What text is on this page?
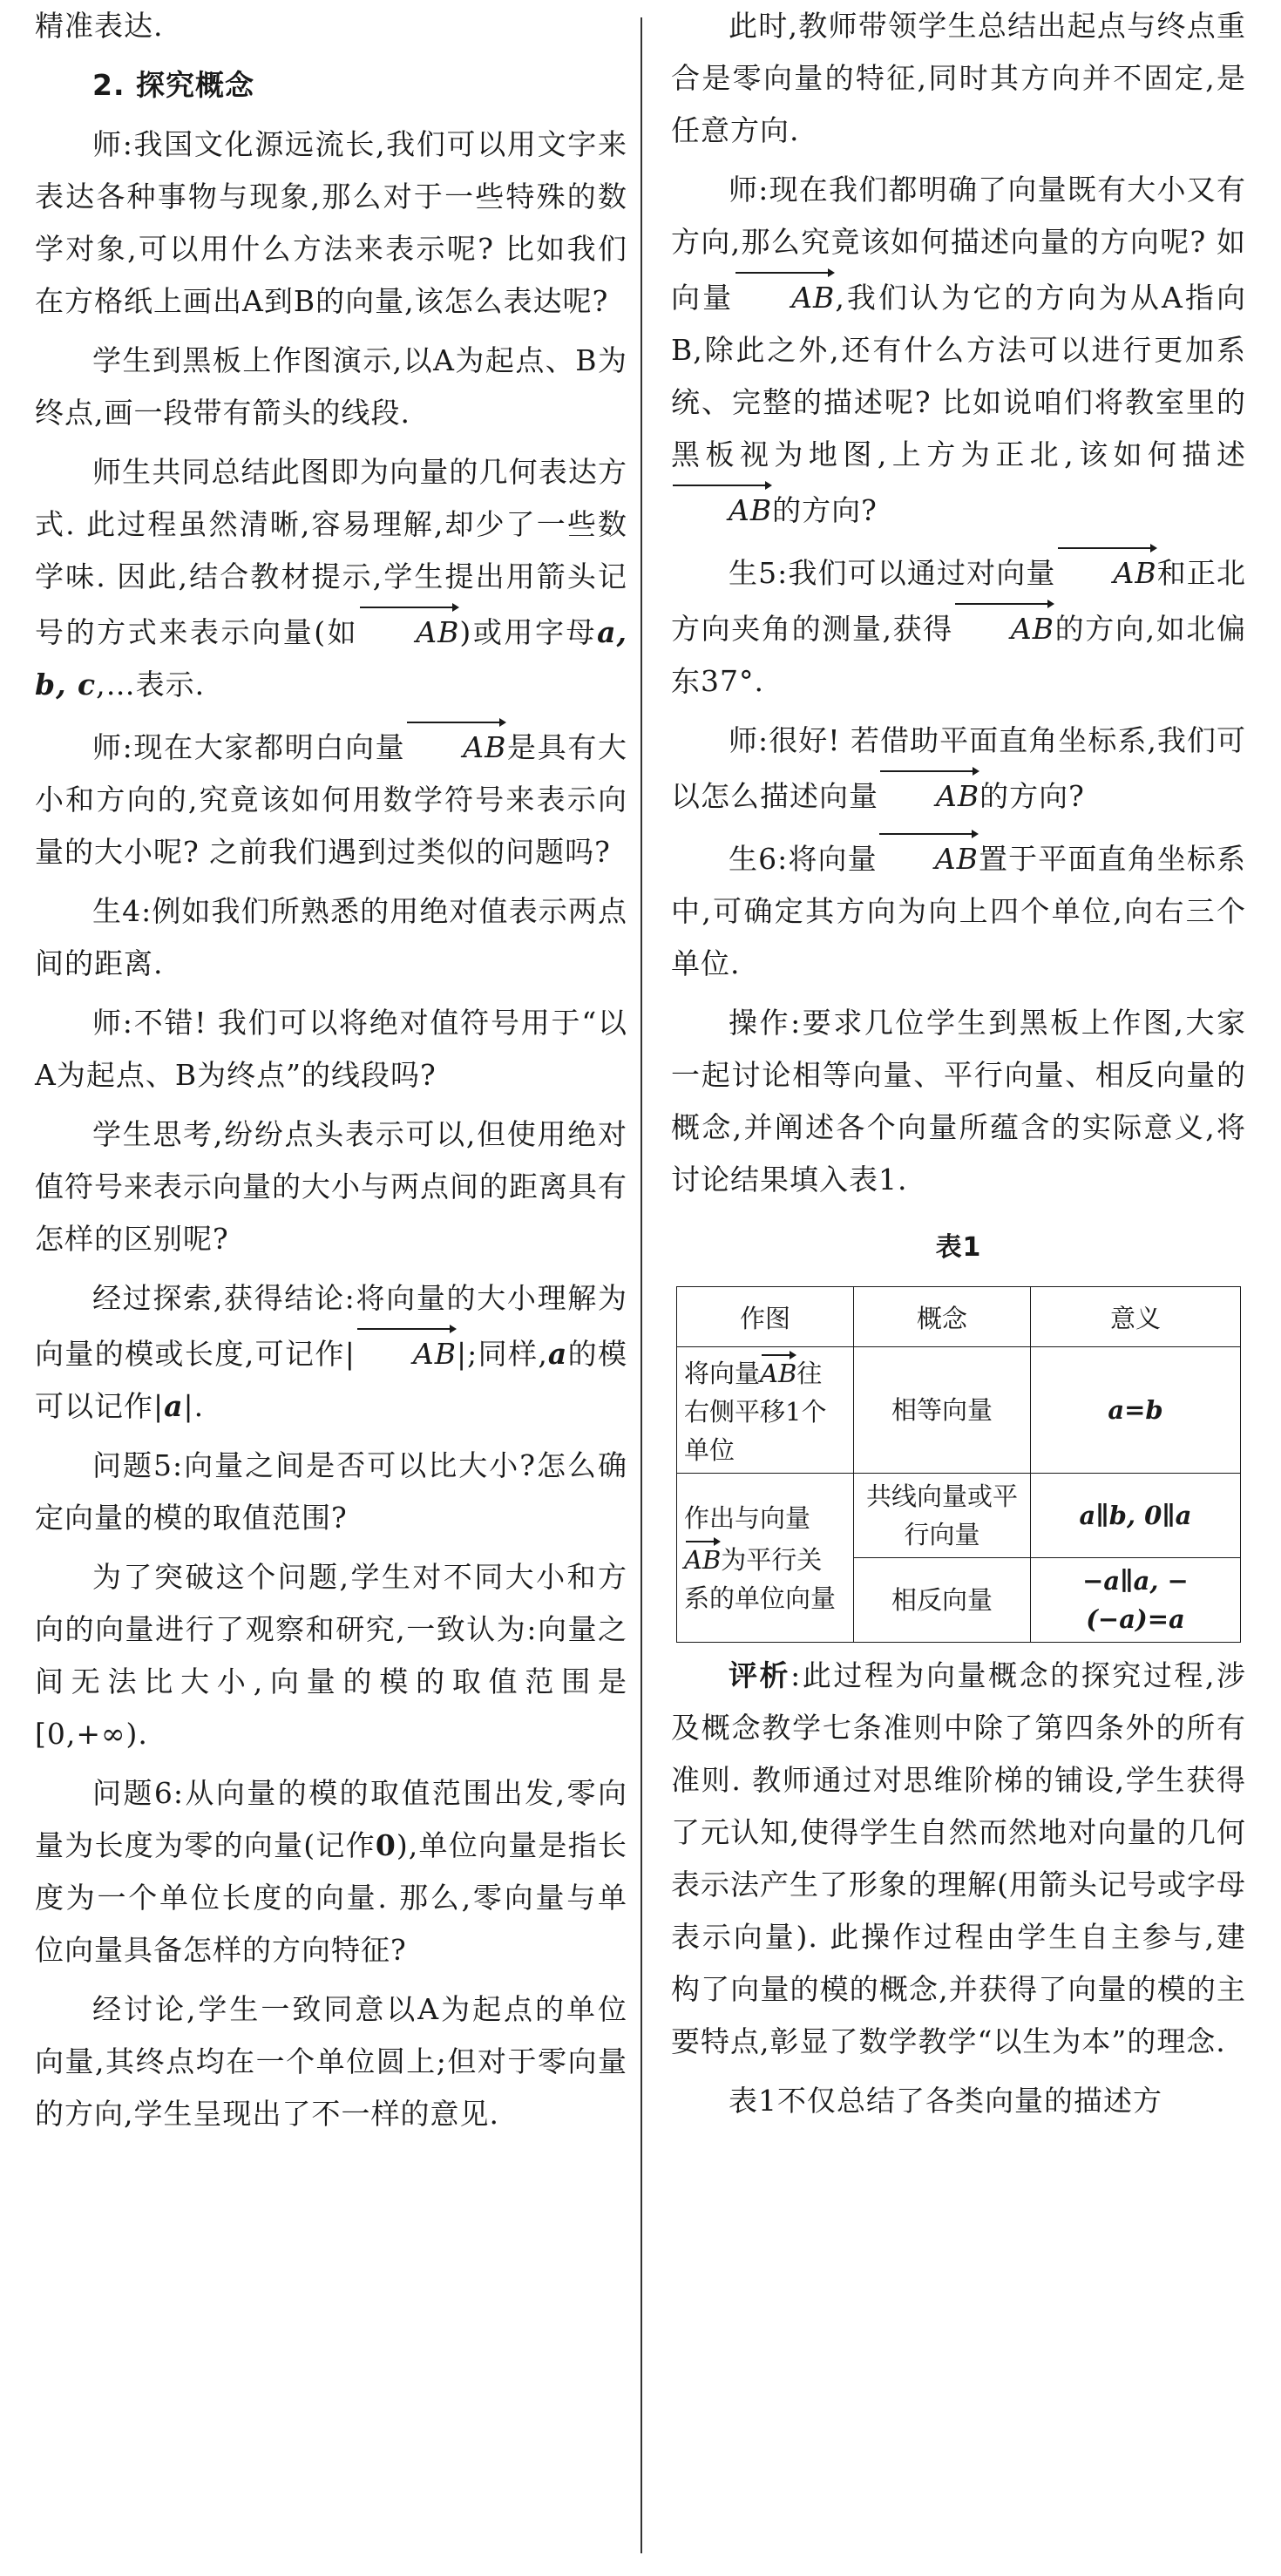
精准表达.

2. 探究概念

师:我国文化源远流长,我们可以用文字来表达各种事物与现象,那么对于一些特殊的数学对象,可以用什么方法来表示呢? 比如我们在方格纸上画出A到B的向量,该怎么表达呢?

学生到黑板上作图演示,以A为起点、B为终点,画一段带有箭头的线段.

师生共同总结此图即为向量的几何表达方式. 此过程虽然清晰,容易理解,却少了一些数学味. 因此,结合教材提示,学生提出用箭头记号的方式来表示向量(如 AB)或用字母a, b, c,…表示.

师:现在大家都明白向量 AB是具有大小和方向的,究竟该如何用数学符号来表示向量的大小呢? 之前我们遇到过类似的问题吗?

生4:例如我们所熟悉的用绝对值表示两点间的距离.

师:不错! 我们可以将绝对值符号用于“以A为起点、B为终点”的线段吗?

学生思考,纷纷点头表示可以,但使用绝对值符号来表示向量的大小与两点间的距离具有怎样的区别呢?

经过探索,获得结论:将向量的大小理解为向量的模或长度,可记作| AB|;同样,a的模可以记作|a|.

问题5:向量之间是否可以比大小?怎么确定向量的模的取值范围?

为了突破这个问题,学生对不同大小和方向的向量进行了观察和研究,一致认为:向量之间无法比大小,向量的模的取值范围是[0,+∞).

问题6:从向量的模的取值范围出发,零向量为长度为零的向量(记作0),单位向量是指长度为一个单位长度的向量. 那么,零向量与单位向量具备怎样的方向特征?

经讨论,学生一致同意以A为起点的单位向量,其终点均在一个单位圆上;但对于零向量的方向,学生呈现出了不一样的意见.

此时,教师带领学生总结出起点与终点重合是零向量的特征,同时其方向并不固定,是任意方向.

师:现在我们都明确了向量既有大小又有方向,那么究竟该如何描述向量的方向呢? 如向量 AB,我们认为它的方向为从A指向B,除此之外,还有什么方法可以进行更加系统、完整的描述呢? 比如说咱们将教室里的黑板视为地图,上方为正北,该如何描述AB的方向?

生5:我们可以通过对向量 AB和正北方向夹角的测量,获得 AB的方向,如北偏东37°.

师:很好! 若借助平面直角坐标系,我们可以怎么描述向量 AB的方向?

生6:将向量 AB置于平面直角坐标系中,可确定其方向为向上四个单位,向右三个单位.

操作:要求几位学生到黑板上作图,大家一起讨论相等向量、平行向量、相反向量的概念,并阐述各个向量所蕴含的实际意义,将讨论结果填入表1.

表1

作图	概念	意义
将向量AB往右侧平移1个单位	相等向量	a=b
作出与向量AB为平行关系的单位向量	共线向量或平行向量	a∥b, 0∥a
	相反向量	−a∥a, −(−a)=a

评析:此过程为向量概念的探究过程,涉及概念教学七条准则中除了第四条外的所有准则. 教师通过对思维阶梯的铺设,学生获得了元认知,使得学生自然而然地对向量的几何表示法产生了形象的理解(用箭头记号或字母表示向量). 此操作过程由学生自主参与,建构了向量的模的概念,并获得了向量的模的主要特点,彰显了数学教学“以生为本”的理念.

表1不仅总结了各类向量的描述方
